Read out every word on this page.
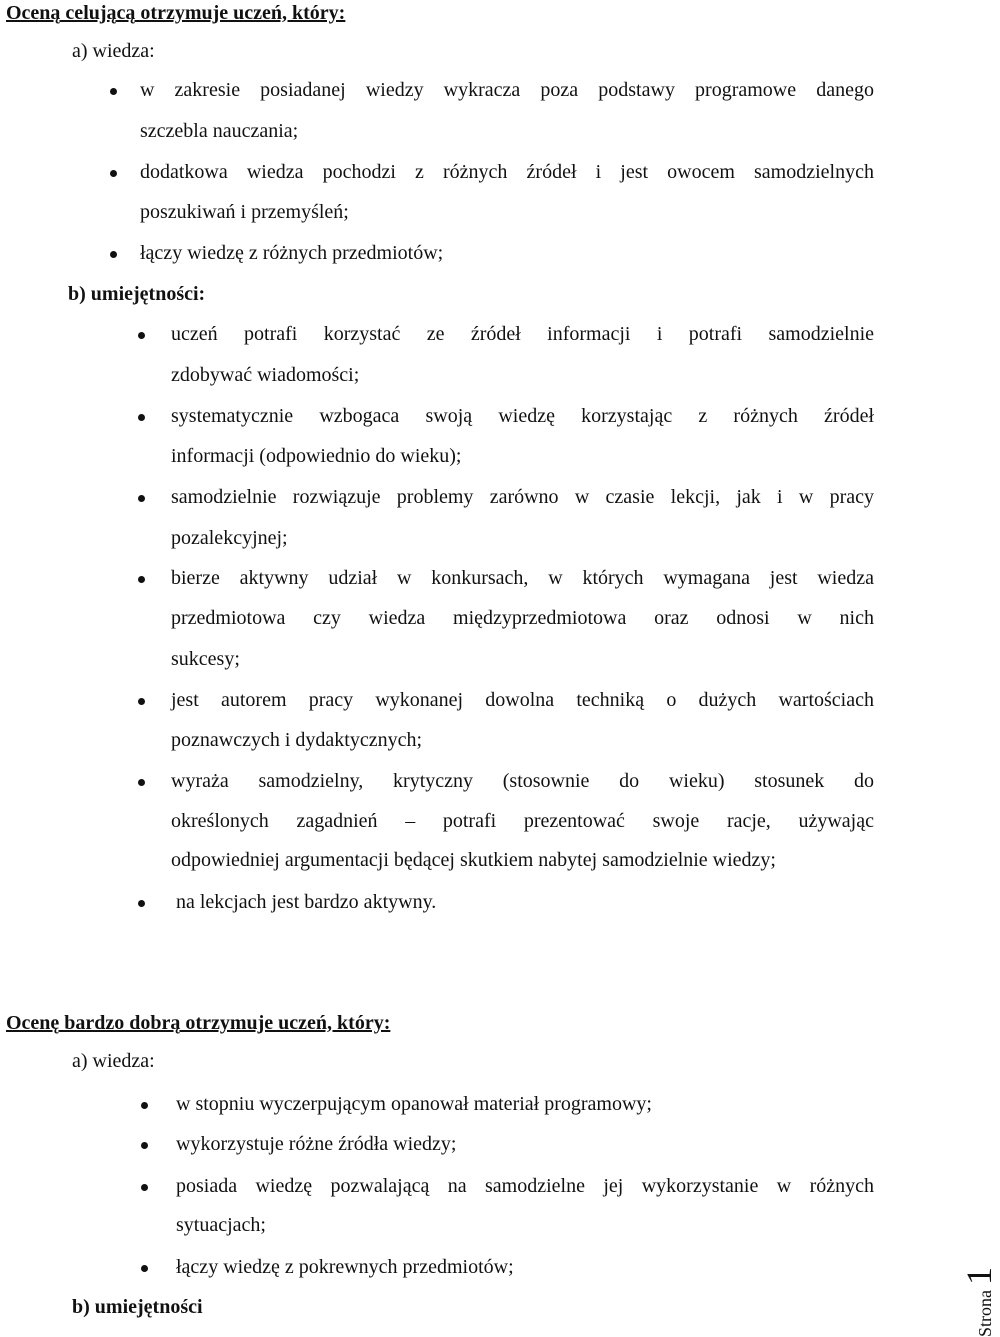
Oceną celującą otrzymuje uczeń, który:
a) wiedza:
w zakresie posiadanej wiedzy wykracza poza podstawy programowe danego
szczebla nauczania;
dodatkowa wiedza pochodzi z różnych źródeł i jest owocem samodzielnych
poszukiwań i przemyśleń;
łączy wiedzę z różnych przedmiotów;
b) umiejętności:
uczeń potrafi korzystać ze źródeł informacji i potrafi samodzielnie
zdobywać wiadomości;
systematycznie wzbogaca swoją wiedzę korzystając z różnych źródeł
informacji (odpowiednio do wieku);
samodzielnie rozwiązuje problemy zarówno w czasie lekcji, jak i w pracy
pozalekcyjnej;
bierze aktywny udział w konkursach, w których wymagana jest wiedza
przedmiotowa czy wiedza międzyprzedmiotowa oraz odnosi w nich
sukcesy;
jest autorem pracy wykonanej dowolna techniką o dużych wartościach
poznawczych i dydaktycznych;
wyraża samodzielny, krytyczny (stosownie do wieku) stosunek do
określonych zagadnień – potrafi prezentować swoje racje, używając
odpowiedniej argumentacji będącej skutkiem nabytej samodzielnie wiedzy;
na lekcjach jest bardzo aktywny.
Ocenę bardzo dobrą otrzymuje uczeń, który:
a) wiedza:
w stopniu wyczerpującym opanował materiał programowy;
wykorzystuje różne źródła wiedzy;
posiada wiedzę pozwalającą na samodzielne jej wykorzystanie w różnych
sytuacjach;
łączy wiedzę z pokrewnych przedmiotów;
b) umiejętności	Strona 1
